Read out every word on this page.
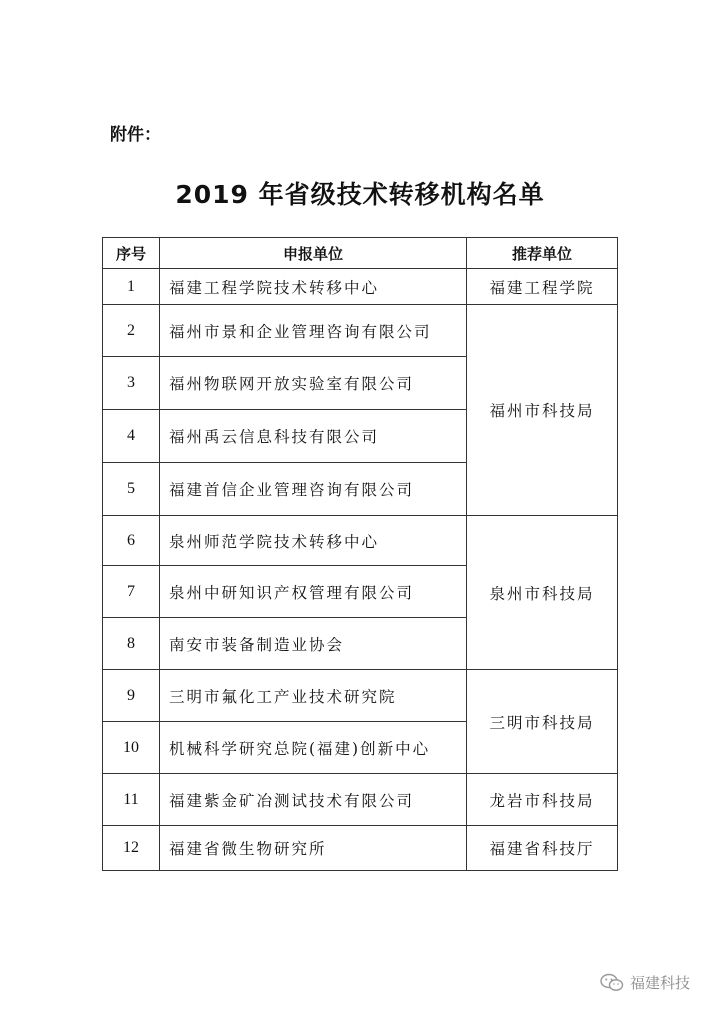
附件：
2019 年省级技术转移机构名单
序号	申报单位	推荐单位
1	福建工程学院技术转移中心	福建工程学院
2	福州市景和企业管理咨询有限公司	福州市科技局
3	福州物联网开放实验室有限公司	
4	福州禹云信息科技有限公司	
5	福建首信企业管理咨询有限公司	
6	泉州师范学院技术转移中心	泉州市科技局
7	泉州中研知识产权管理有限公司	
8	南安市装备制造业协会	
9	三明市氟化工产业技术研究院	三明市科技局
10	机械科学研究总院(福建)创新中心	
11	福建紫金矿冶测试技术有限公司	龙岩市科技局
12	福建省微生物研究所	福建省科技厅
福建科技
